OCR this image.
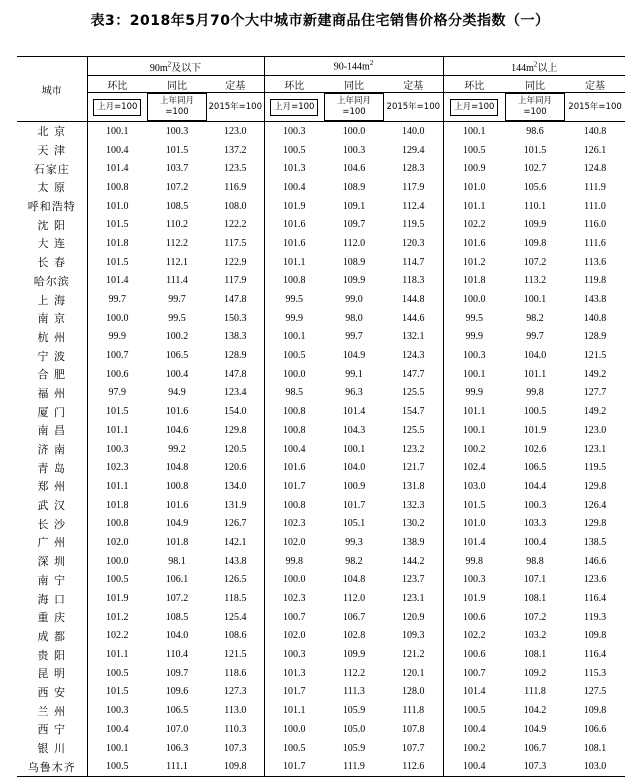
表3：2018年5月70个大中城市新建商品住宅销售价格分类指数（一）
城市	$90m^2$及以下			$90-144m^2$			$144m^2$以上		
	环比	同比	定基	环比	同比	定基	环比	同比	定基
	上月=100	上年同月=100	2015年=100	上月=100	上年同月=100	2015年=100	上月=100	上年同月=100	2015年=100
北 京	100.1	100.3	123.0	100.3	100.0	140.0	100.1	98.6	140.8
天 津	100.4	101.5	137.2	100.5	100.3	129.4	100.5	101.5	126.1
石家庄	101.4	103.7	123.5	101.3	104.6	128.3	100.9	102.7	124.8
太 原	100.8	107.2	116.9	100.4	108.9	117.9	101.0	105.6	111.9
呼和浩特	101.0	108.5	108.0	101.9	109.1	112.4	101.1	110.1	111.0
沈 阳	101.5	110.2	122.2	101.6	109.7	119.5	102.2	109.9	116.0
大 连	101.8	112.2	117.5	101.6	112.0	120.3	101.6	109.8	111.6
长 春	101.5	112.1	122.9	101.1	108.9	114.7	101.2	107.2	113.6
哈尔滨	101.4	111.4	117.9	100.8	109.9	118.3	101.8	113.2	119.8
上 海	99.7	99.7	147.8	99.5	99.0	144.8	100.0	100.1	143.8
南 京	100.0	99.5	150.3	99.9	98.0	144.6	99.5	98.2	140.8
杭 州	99.9	100.2	138.3	100.1	99.7	132.1	99.9	99.7	128.9
宁 波	100.7	106.5	128.9	100.5	104.9	124.3	100.3	104.0	121.5
合 肥	100.6	100.4	147.8	100.0	99.1	147.7	100.1	101.1	149.2
福 州	97.9	94.9	123.4	98.5	96.3	125.5	99.9	99.8	127.7
厦 门	101.5	101.6	154.0	100.8	101.4	154.7	101.1	100.5	149.2
南 昌	101.1	104.6	129.8	100.8	104.3	125.5	100.1	101.9	123.0
济 南	100.3	99.2	120.5	100.4	100.1	123.2	100.2	102.6	123.1
青 岛	102.3	104.8	120.6	101.6	104.0	121.7	102.4	106.5	119.5
郑 州	101.1	100.8	134.0	101.7	100.9	131.8	103.0	104.4	129.8
武 汉	101.8	101.6	131.9	100.8	101.7	132.3	101.5	100.3	126.4
长 沙	100.8	104.9	126.7	102.3	105.1	130.2	101.0	103.3	129.8
广 州	102.0	101.8	142.1	102.0	99.3	138.9	101.4	100.4	138.5
深 圳	100.0	98.1	143.8	99.8	98.2	144.2	99.8	98.8	146.6
南 宁	100.5	106.1	126.5	100.0	104.8	123.7	100.3	107.1	123.6
海 口	101.9	107.2	118.5	102.3	112.0	123.1	101.9	108.1	116.4
重 庆	101.2	108.5	125.4	100.7	106.7	120.9	100.6	107.2	119.3
成 都	102.2	104.0	108.6	102.0	102.8	109.3	102.2	103.2	109.8
贵 阳	101.1	110.4	121.5	100.3	109.9	121.2	100.6	108.1	116.4
昆 明	100.5	109.7	118.6	101.3	112.2	120.1	100.7	109.2	115.3
西 安	101.5	109.6	127.3	101.7	111.3	128.0	101.4	111.8	127.5
兰 州	100.3	106.5	113.0	101.1	105.9	111.8	100.5	104.2	109.8
西 宁	100.4	107.0	110.3	100.0	105.0	107.8	100.4	104.9	106.6
银 川	100.1	106.3	107.3	100.5	105.9	107.7	100.2	106.7	108.1
乌鲁木齐	100.5	111.1	109.8	101.7	111.9	112.6	100.4	107.3	103.0
